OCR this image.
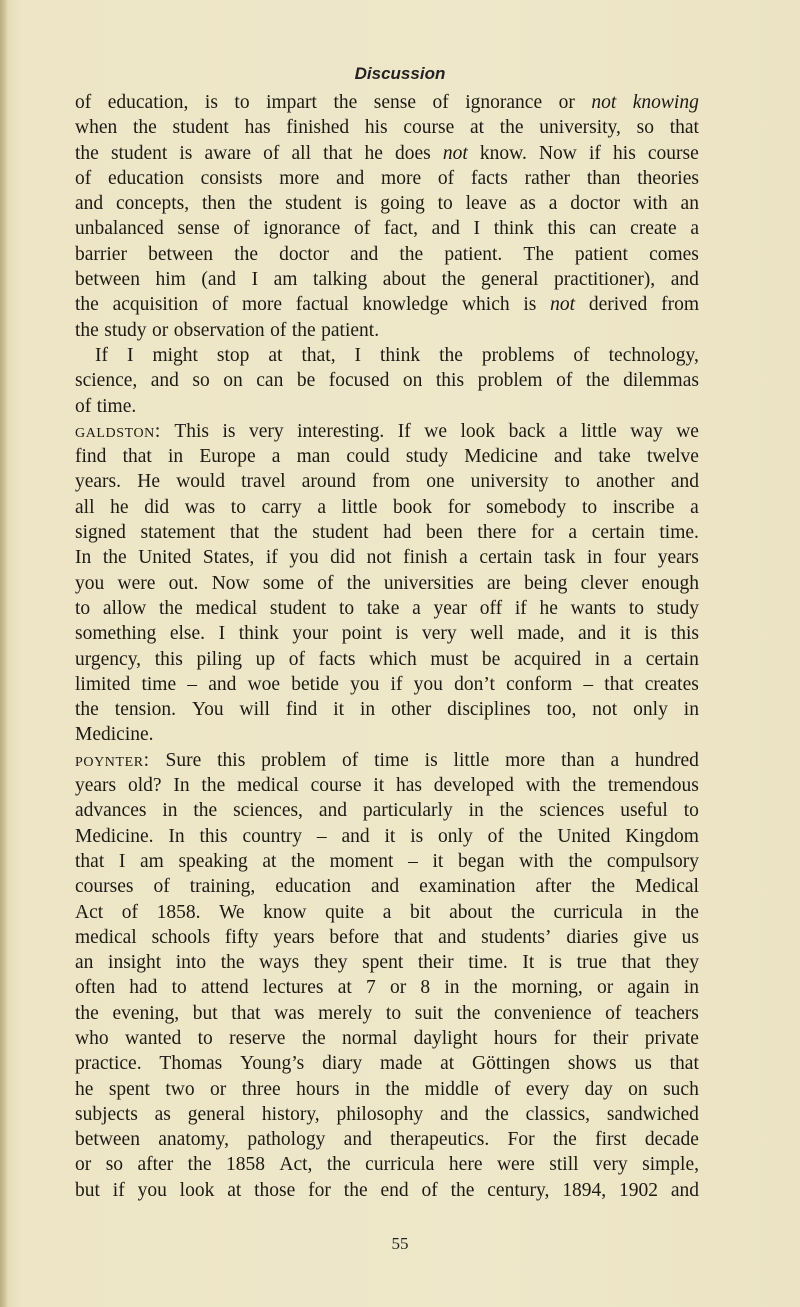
Discussion
of education, is to impart the sense of ignorance or not knowing
when the student has finished his course at the university, so that
the student is aware of all that he does not know. Now if his course
of education consists more and more of facts rather than theories
and concepts, then the student is going to leave as a doctor with an
unbalanced sense of ignorance of fact, and I think this can create a
barrier between the doctor and the patient. The patient comes
between him (and I am talking about the general practitioner), and
the acquisition of more factual knowledge which is not derived from
the study or observation of the patient.
If I might stop at that, I think the problems of technology,
science, and so on can be focused on this problem of the dilemmas
of time.
galdston: This is very interesting. If we look back a little way we
find that in Europe a man could study Medicine and take twelve
years. He would travel around from one university to another and
all he did was to carry a little book for somebody to inscribe a
signed statement that the student had been there for a certain time.
In the United States, if you did not finish a certain task in four years
you were out. Now some of the universities are being clever enough
to allow the medical student to take a year off if he wants to study
something else. I think your point is very well made, and it is this
urgency, this piling up of facts which must be acquired in a certain
limited time – and woe betide you if you don’t conform – that creates
the tension. You will find it in other disciplines too, not only in
Medicine.
poynter: Sure this problem of time is little more than a hundred
years old? In the medical course it has developed with the tremendous
advances in the sciences, and particularly in the sciences useful to
Medicine. In this country – and it is only of the United Kingdom
that I am speaking at the moment – it began with the compulsory
courses of training, education and examination after the Medical
Act of 1858. We know quite a bit about the curricula in the
medical schools fifty years before that and students’ diaries give us
an insight into the ways they spent their time. It is true that they
often had to attend lectures at 7 or 8 in the morning, or again in
the evening, but that was merely to suit the convenience of teachers
who wanted to reserve the normal daylight hours for their private
practice. Thomas Young’s diary made at Göttingen shows us that
he spent two or three hours in the middle of every day on such
subjects as general history, philosophy and the classics, sandwiched
between anatomy, pathology and therapeutics. For the first decade
or so after the 1858 Act, the curricula here were still very simple,
but if you look at those for the end of the century, 1894, 1902 and
55
